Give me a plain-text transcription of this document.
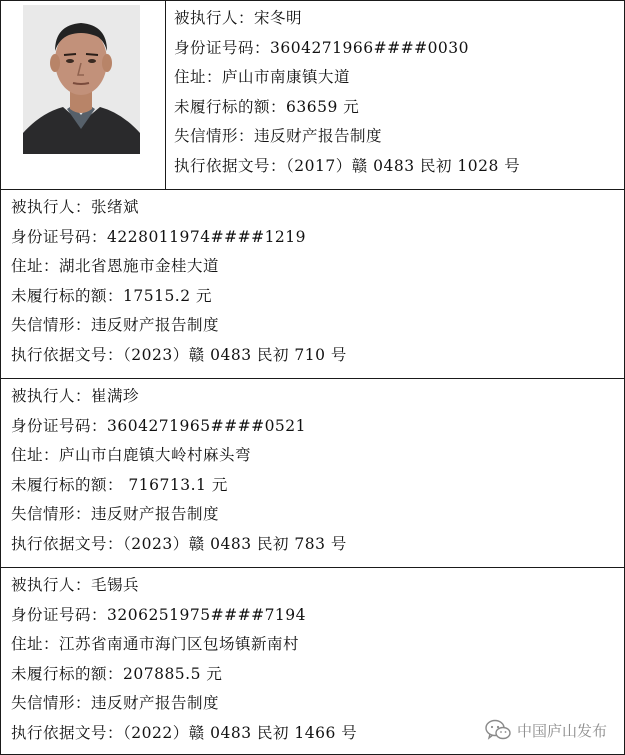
被执行人：宋冬明
身份证号码：3604271966####0030
住址：庐山市南康镇大道
未履行标的额：63659 元
失信情形：违反财产报告制度
执行依据文号：（2017）赣 0483 民初 1028 号
被执行人：张绪斌
身份证号码：4228011974####1219
住址：湖北省恩施市金桂大道
未履行标的额：17515.2 元
失信情形：违反财产报告制度
执行依据文号：（2023）赣 0483 民初 710 号
被执行人：崔满珍
身份证号码：3604271965####0521
住址：庐山市白鹿镇大岭村麻头弯
未履行标的额： 716713.1 元
失信情形：违反财产报告制度
执行依据文号：（2023）赣 0483 民初 783 号
被执行人：毛锡兵
身份证号码：3206251975####7194
住址：江苏省南通市海门区包场镇新南村
未履行标的额：207885.5 元
失信情形：违反财产报告制度
执行依据文号：（2022）赣 0483 民初 1466 号	中国庐山发布
